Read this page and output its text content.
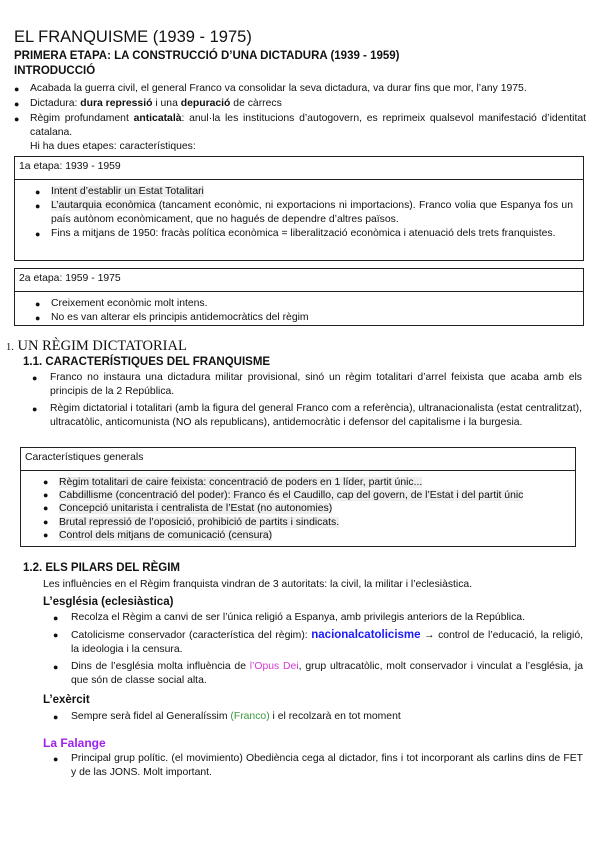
EL FRANQUISME (1939 - 1975)
PRIMERA ETAPA: LA CONSTRUCCIÓ D’UNA DICTADURA (1939 - 1959)
INTRODUCCIÓ
● Acabada la guerra civil, el general Franco va consolidar la seva dictadura, va durar fins que mor, l’any 1975.
● Dictadura: dura repressió i una depuració de càrrecs
● Règim profundament anticatalà: anul·la les institucions d’autogovern, es reprimeix qualsevol manifestació d’identitat catalana.
Hi ha dues etapes: característiques:
1a etapa: 1939 - 1959
● Intent d’establir un Estat Totalitari
● L’autarquia econòmica (tancament econòmic, ni exportacions ni importacions). Franco volia que Espanya fos un país autònom econòmicament, que no hagués de dependre d’altres països.
● Fins a mitjans de 1950: fracàs política econòmica = liberalització econòmica i atenuació dels trets franquistes.
2a etapa: 1959 - 1975
● Creixement econòmic molt intens.
● No es van alterar els principis antidemocràtics del règim
1. UN RÈGIM DICTATORIAL
1.1. CARACTERÍSTIQUES DEL FRANQUISME
● Franco no instaura una dictadura militar provisional, sinó un règim totalitari d’arrel feixista que acaba amb els principis de la 2 República.
● Règim dictatorial i totalitari (amb la figura del general Franco com a referència), ultranacionalista (estat centralitzat), ultracatòlic, anticomunista (NO als republicans), antidemocràtic i defensor del capitalisme i la burgesia.
Característiques generals
● Règim totalitari de caire feixista: concentració de poders en 1 líder, partit únic...
● Cabdillisme (concentració del poder): Franco és el Caudillo, cap del govern, de l’Estat i del partit únic
● Concepció unitarista i centralista de l’Estat (no autonomies)
● Brutal repressió de l’oposició, prohibició de partits i sindicats.
● Control dels mitjans de comunicació (censura)
1.2. ELS PILARS DEL RÈGIM
Les influències en el Règim franquista vindran de 3 autoritats: la civil, la militar i l’eclesiàstica.
L’església (eclesiàstica)
● Recolza el Règim a canvi de ser l’única religió a Espanya, amb privilegis anteriors de la República.
● Catolicisme conservador (característica del règim): nacionalcatolicisme → control de l’educació, la religió, la ideologia i la censura.
● Dins de l’església molta influència de l’Opus Dei, grup ultracatòlic, molt conservador i vinculat a l’església, ja que són de classe social alta.
L’exèrcit
● Sempre serà fidel al Generalíssim (Franco) i el recolzarà en tot moment
La Falange
● Principal grup polític. (el movimiento) Obediència cega al dictador, fins i tot incorporant als carlins dins de FET y de las JONS. Molt important.
